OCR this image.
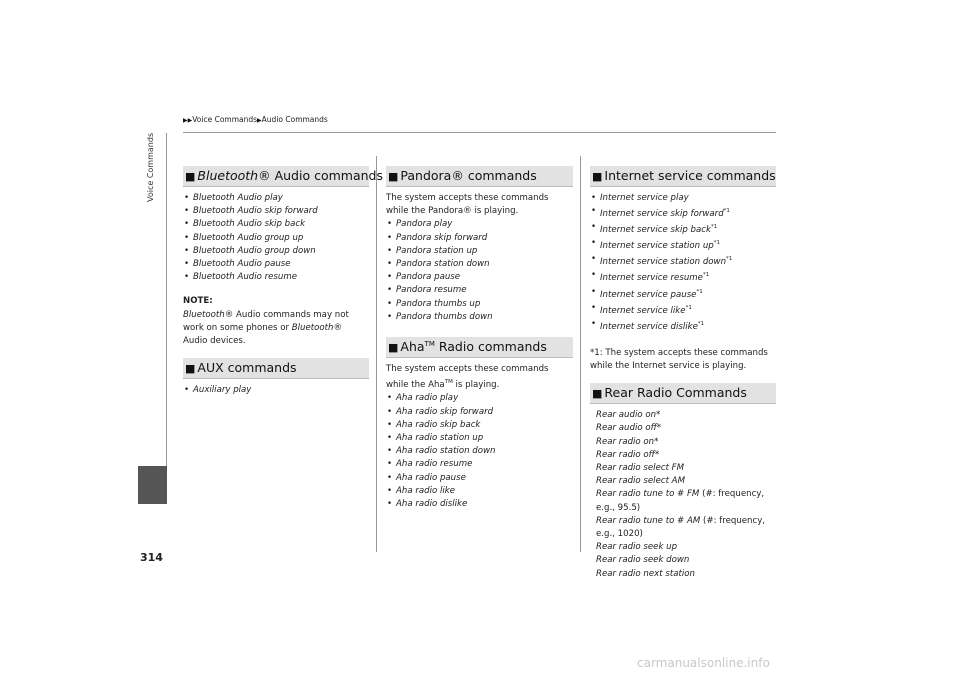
▶▶Voice Commands▶Audio Commands
Voice Commands
314
■ Bluetooth® Audio commands
• Bluetooth Audio play
• Bluetooth Audio skip forward
• Bluetooth Audio skip back
• Bluetooth Audio group up
• Bluetooth Audio group down
• Bluetooth Audio pause
• Bluetooth Audio resume
NOTE:

Bluetooth® Audio commands may not work on some phones or Bluetooth® Audio devices.

■ AUX commands
• Auxiliary play
■ Pandora® commands

The system accepts these commands while the Pandora® is playing.

• Pandora play
• Pandora skip forward
• Pandora station up
• Pandora station down
• Pandora pause
• Pandora resume
• Pandora thumbs up
• Pandora thumbs down
■ Aha™ Radio commands

The system accepts these commands while the Aha™ is playing.

• Aha radio play
• Aha radio skip forward
• Aha radio skip back
• Aha radio station up
• Aha radio station down
• Aha radio resume
• Aha radio pause
• Aha radio like
• Aha radio dislike
■ Internet service commands
• Internet service play
• Internet service skip forward$^{*1}$
• Internet service skip back$^{*1}$
• Internet service station $up^{*1}$
• Internet service station down$^{*1}$
• Internet service resume$^{*1}$
• Internet service pause$^{*1}$
• Internet service like$^{*1}$
• Internet service dislike$^{*1}$

*1: The system accepts these commands while the Internet service is playing.

■ Rear Radio Commands
Rear audio on*
Rear audio off*
Rear radio on*
Rear radio off*
Rear radio select FM
Rear radio select AM
Rear radio tune to # FM (#: frequency, e.g., 95.5)
Rear radio tune to # AM (#: frequency, e.g., 1020)
Rear radio seek up
Rear radio seek down
Rear radio next station
carmanualsonline.info
